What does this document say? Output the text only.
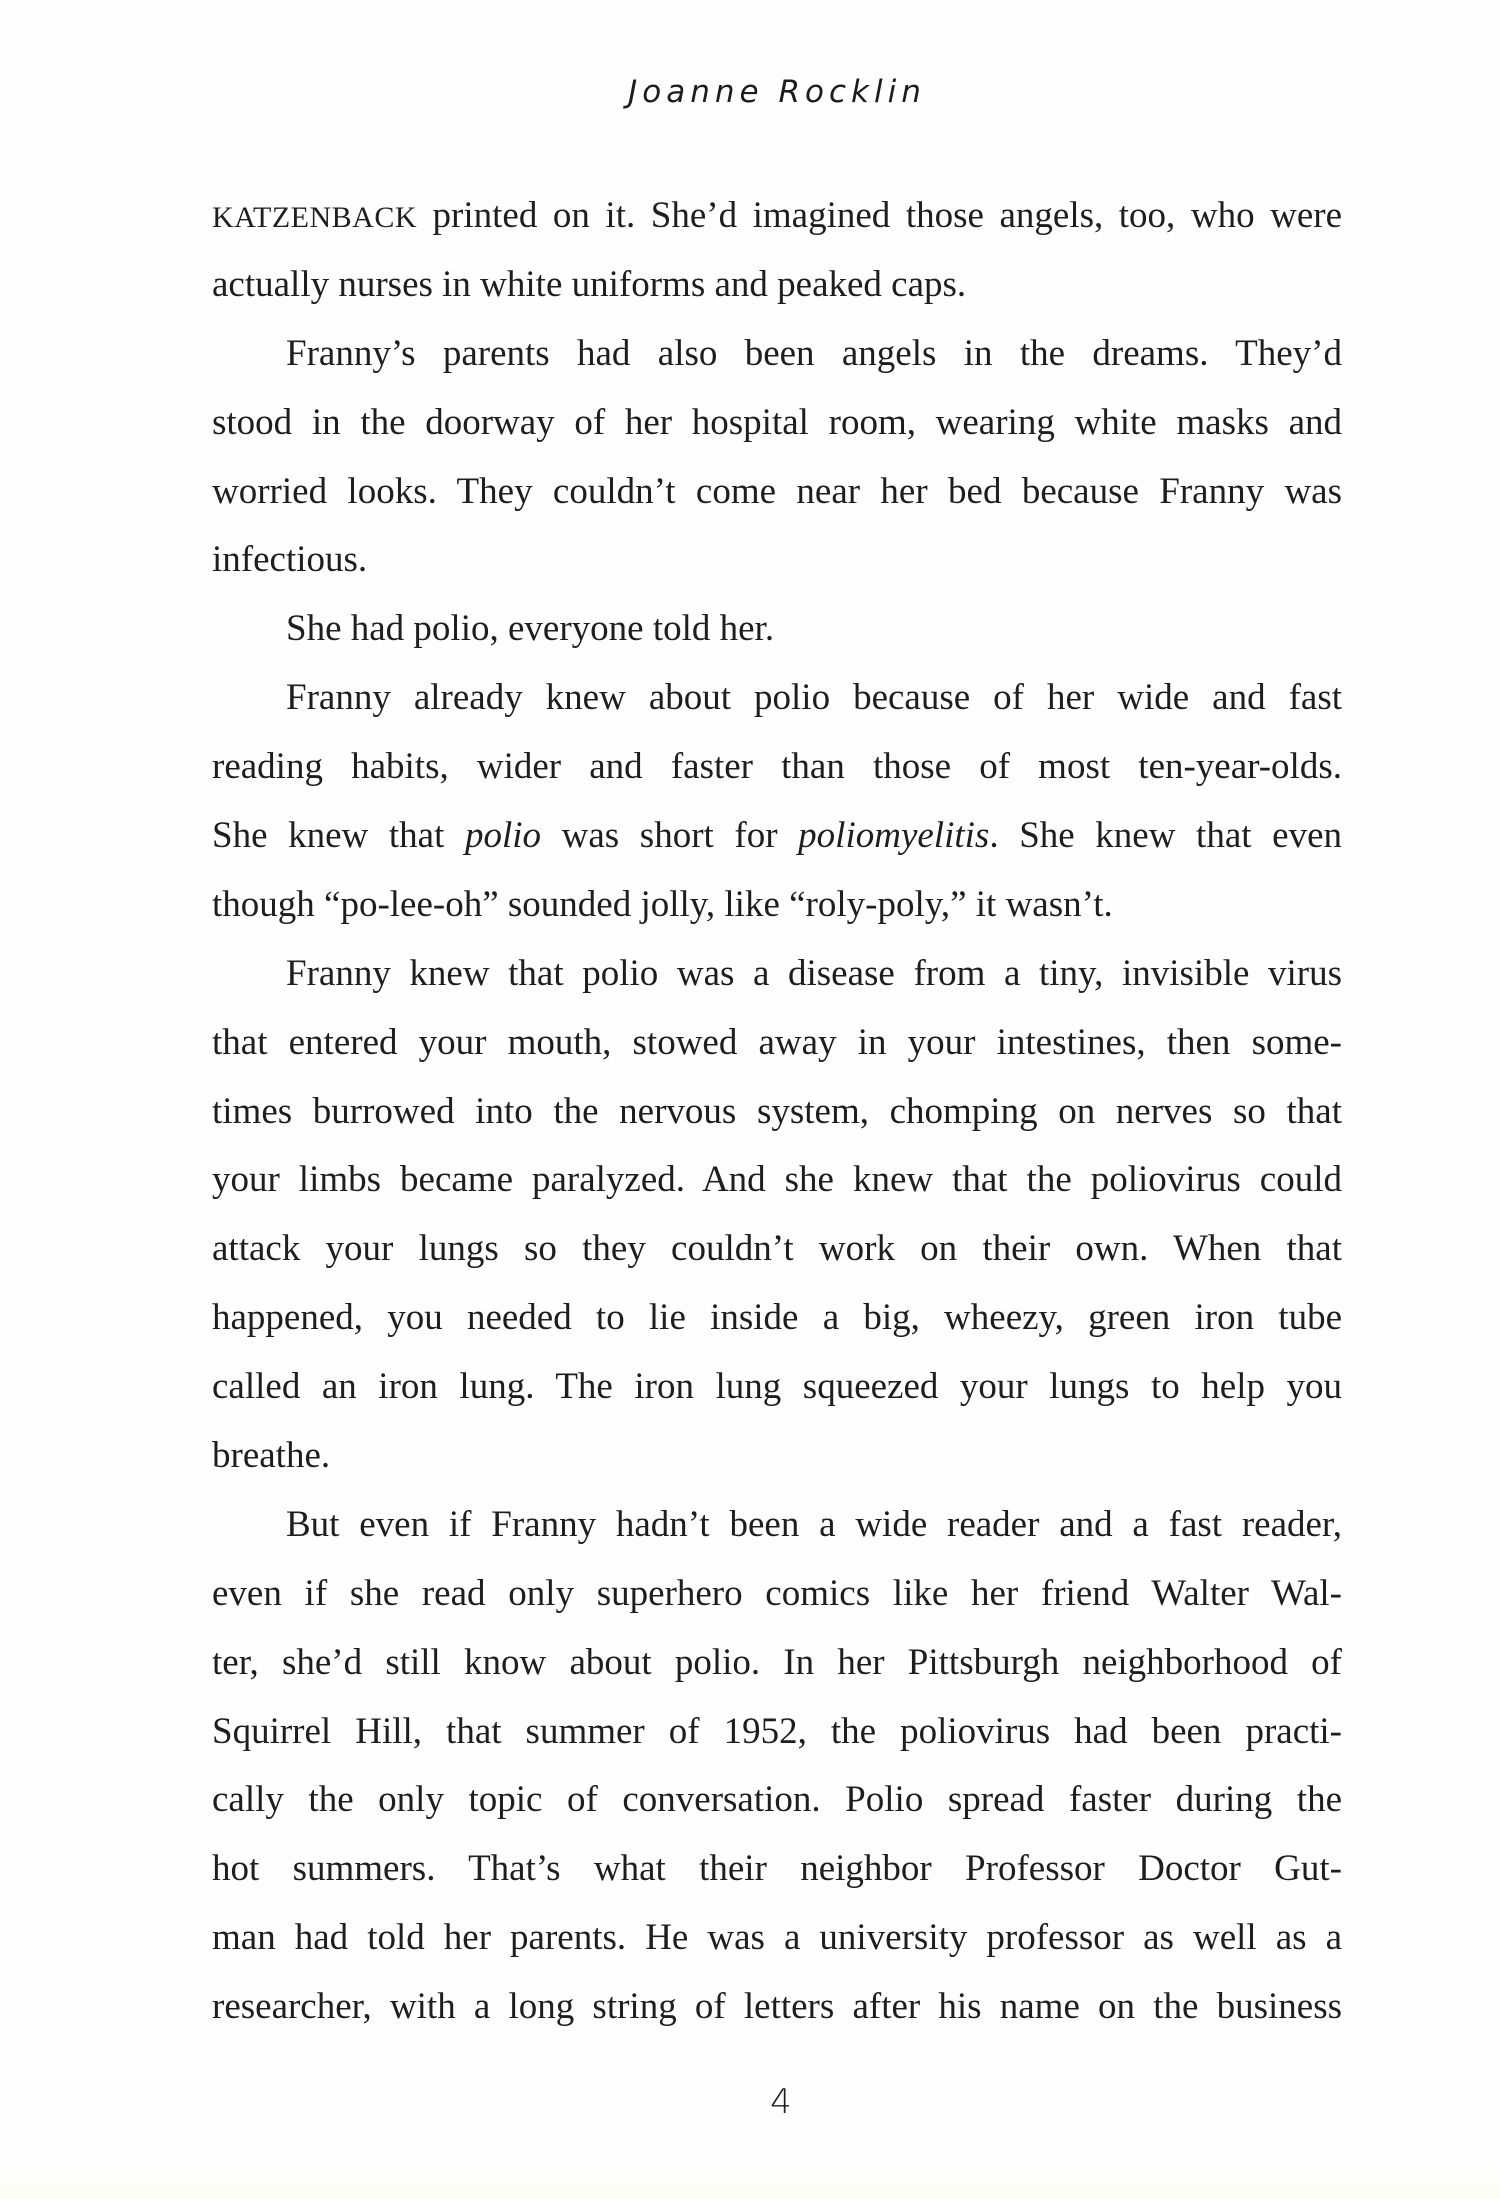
Joanne Rocklin
KATZENBACK printed on it. She’d imagined those angels, too, who were
actually nurses in white uniforms and peaked caps.
Franny’s parents had also been angels in the dreams. They’d
stood in the doorway of her hospital room, wearing white masks and
worried looks. They couldn’t come near her bed because Franny was
infectious.
She had polio, everyone told her.
Franny already knew about polio because of her wide and fast
reading habits, wider and faster than those of most ten-year-olds.
She knew that polio was short for poliomyelitis. She knew that even
though “po-lee-oh” sounded jolly, like “roly-poly,” it wasn’t.
Franny knew that polio was a disease from a tiny, invisible virus
that entered your mouth, stowed away in your intestines, then some-
times burrowed into the nervous system, chomping on nerves so that
your limbs became paralyzed. And she knew that the poliovirus could
attack your lungs so they couldn’t work on their own. When that
happened, you needed to lie inside a big, wheezy, green iron tube
called an iron lung. The iron lung squeezed your lungs to help you
breathe.
But even if Franny hadn’t been a wide reader and a fast reader,
even if she read only superhero comics like her friend Walter Wal-
ter, she’d still know about polio. In her Pittsburgh neighborhood of
Squirrel Hill, that summer of 1952, the poliovirus had been practi-
cally the only topic of conversation. Polio spread faster during the
hot summers. That’s what their neighbor Professor Doctor Gut-
man had told her parents. He was a university professor as well as a
researcher, with a long string of letters after his name on the business
4
